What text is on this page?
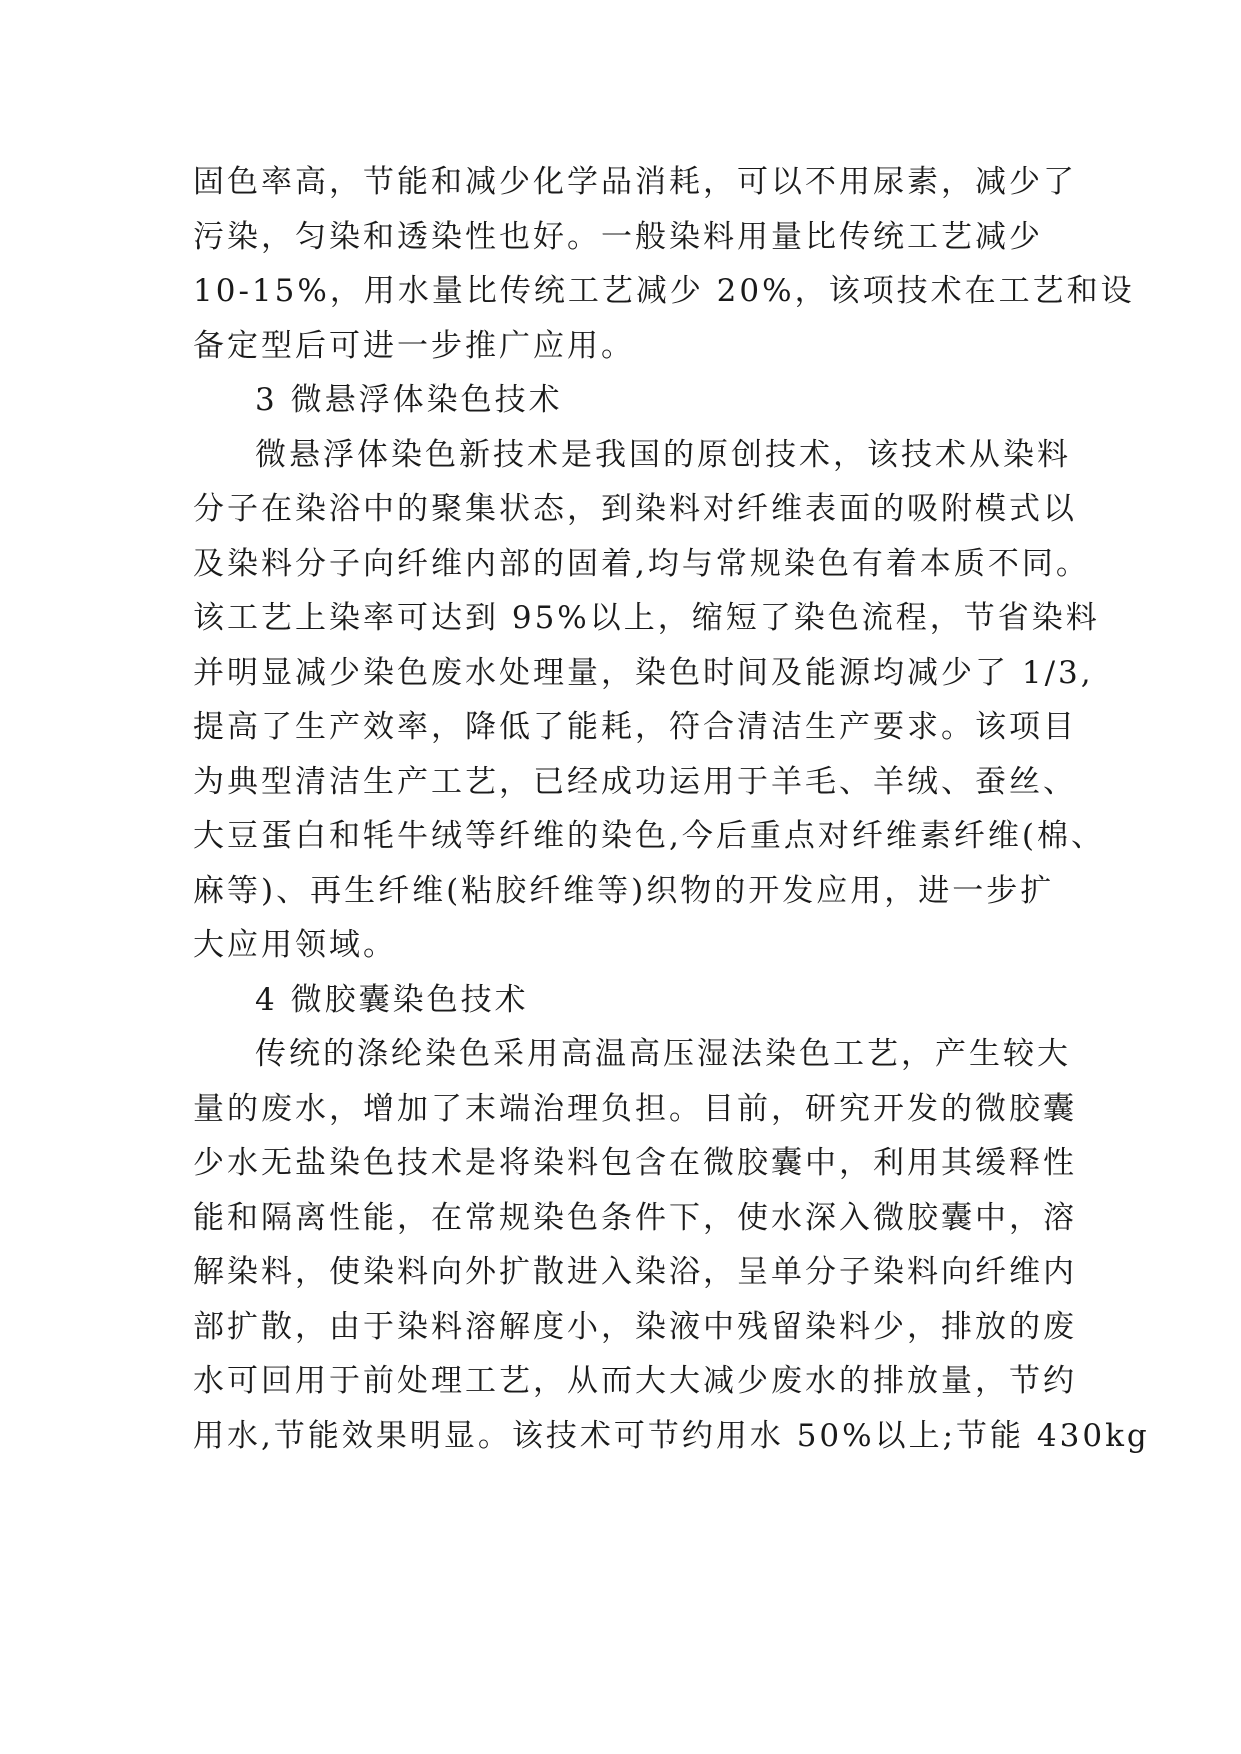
固色率高，节能和减少化学品消耗，可以不用尿素，减少了
污染，匀染和透染性也好。一般染料用量比传统工艺减少
10-15%，用水量比传统工艺减少 20%，该项技术在工艺和设
备定型后可进一步推广应用。
3 微悬浮体染色技术
微悬浮体染色新技术是我国的原创技术，该技术从染料
分子在染浴中的聚集状态，到染料对纤维表面的吸附模式以
及染料分子向纤维内部的固着,均与常规染色有着本质不同。
该工艺上染率可达到 95%以上，缩短了染色流程，节省染料
并明显减少染色废水处理量，染色时间及能源均减少了 1/3,
提高了生产效率，降低了能耗，符合清洁生产要求。该项目
为典型清洁生产工艺，已经成功运用于羊毛、羊绒、蚕丝、
大豆蛋白和牦牛绒等纤维的染色,今后重点对纤维素纤维(棉、
麻等)、再生纤维(粘胶纤维等)织物的开发应用，进一步扩
大应用领域。
4 微胶囊染色技术
传统的涤纶染色采用高温高压湿法染色工艺，产生较大
量的废水，增加了末端治理负担。目前，研究开发的微胶囊
少水无盐染色技术是将染料包含在微胶囊中，利用其缓释性
能和隔离性能，在常规染色条件下，使水深入微胶囊中，溶
解染料，使染料向外扩散进入染浴，呈单分子染料向纤维内
部扩散，由于染料溶解度小，染液中残留染料少，排放的废
水可回用于前处理工艺，从而大大减少废水的排放量，节约
用水,节能效果明显。该技术可节约用水 50%以上;节能 430kg
